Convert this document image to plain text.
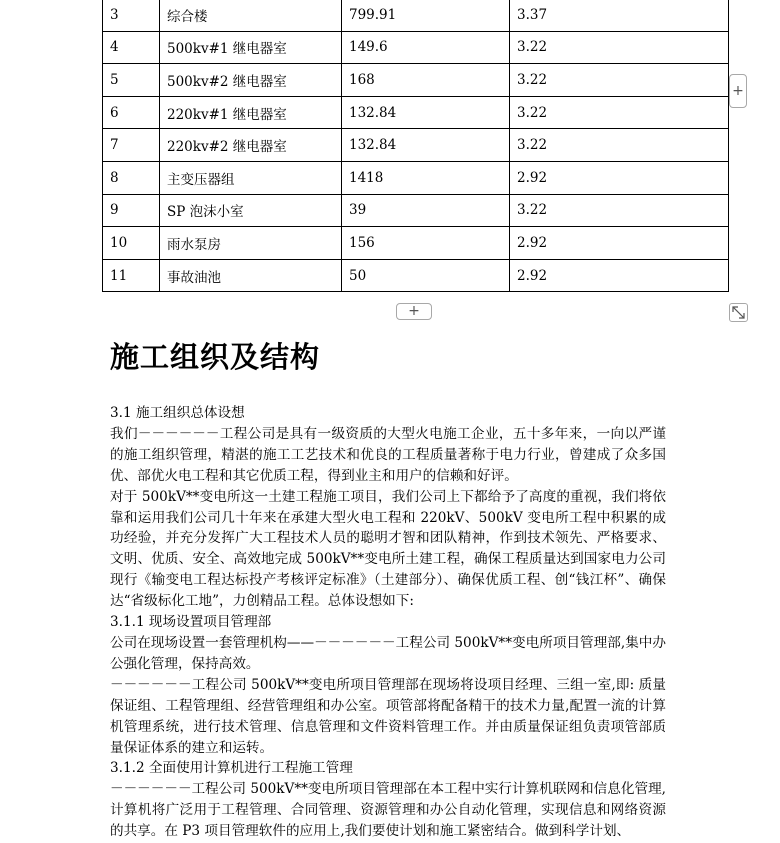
3	综合楼	799.91	3.37
4	500kv#1 继电器室	149.6	3.22
5	500kv#2 继电器室	168	3.22
6	220kv#1 继电器室	132.84	3.22
7	220kv#2 继电器室	132.84	3.22
8	主变压器组	1418	2.92
9	SP 泡沫小室	39	3.22
10	雨水泵房	156	2.92
11	事故油池	50	2.92
+
+
施工组织及结构

3.1 施工组织总体设想

我们－－－－－－工程公司是具有一级资质的大型火电施工企业，五十多年来，一向以严谨的施工组织管理，精湛的施工工艺技术和优良的工程质量著称于电力行业，曾建成了众多国优、部优火电工程和其它优质工程，得到业主和用户的信赖和好评。

对于 500kV**变电所这一土建工程施工项目，我们公司上下都给予了高度的重视，我们将依靠和运用我们公司几十年来在承建大型火电工程和 220kV、500kV 变电所工程中积累的成功经验，并充分发挥广大工程技术人员的聪明才智和团队精神，作到技术领先、严格要求、文明、优质、安全、高效地完成 500kV**变电所土建工程，确保工程质量达到国家电力公司现行《输变电工程达标投产考核评定标准》（土建部分）、确保优质工程、创“钱江杯”、确保达“省级标化工地”，力创精品工程。总体设想如下:

3.1.1 现场设置项目管理部

公司在现场设置一套管理机构——－－－－－－工程公司 500kV**变电所项目管理部,集中办公强化管理，保持高效。

－－－－－－工程公司 500kV**变电所项目管理部在现场将设项目经理、三组一室,即: 质量保证组、工程管理组、经营管理组和办公室。项管部将配备精干的技术力量,配置一流的计算机管理系统，进行技术管理、信息管理和文件资料管理工作。并由质量保证组负责项管部质量保证体系的建立和运转。

3.1.2 全面使用计算机进行工程施工管理

－－－－－－工程公司 500kV**变电所项目管理部在本工程中实行计算机联网和信息化管理,计算机将广泛用于工程管理、合同管理、资源管理和办公自动化管理，实现信息和网络资源的共享。在 P3 项目管理软件的应用上,我们要使计划和施工紧密结合。做到科学计划、
